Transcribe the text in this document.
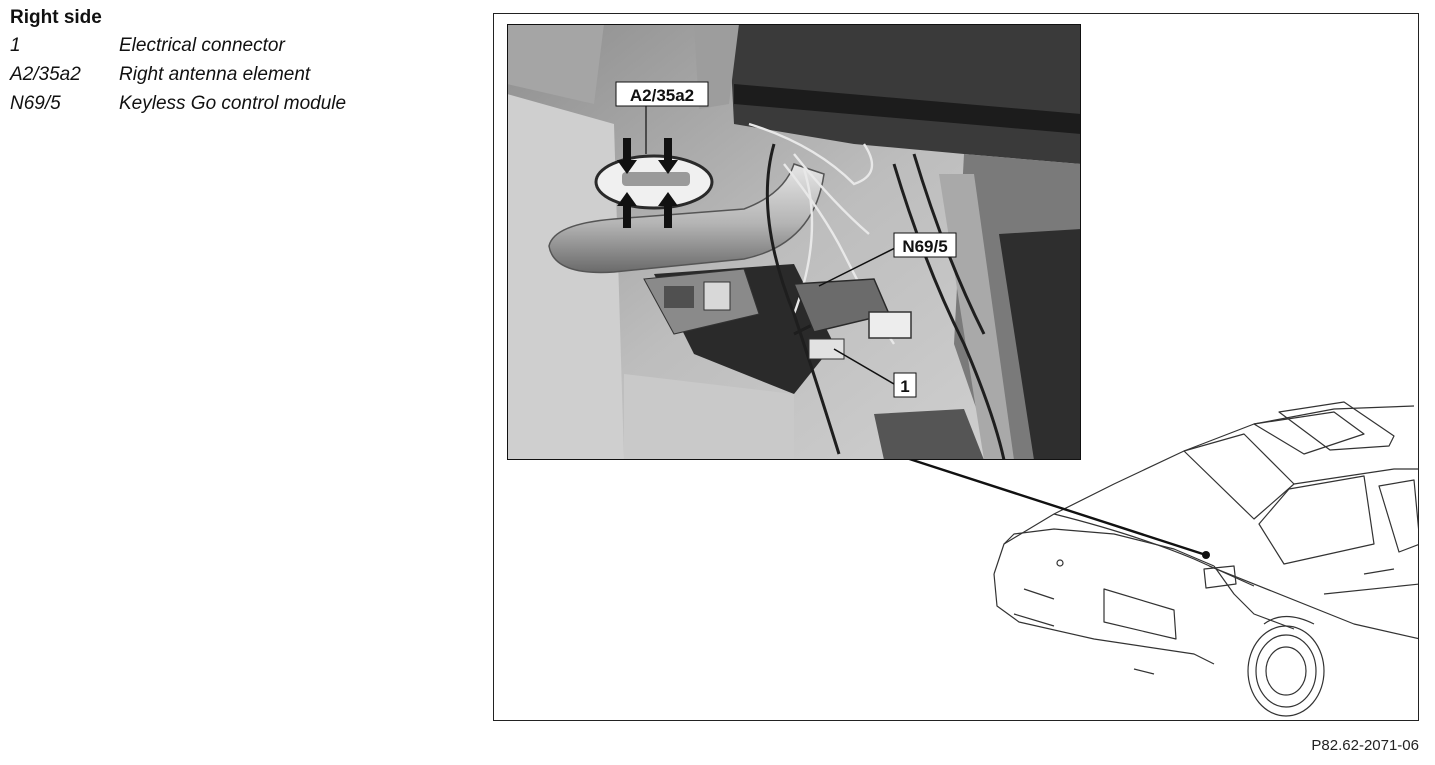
Right side
1	Electrical connector
A2/35a2	Right antenna element
N69/5	Keyless Go control module	A2/35a2
N69/5
1
P82.62-2071-06
